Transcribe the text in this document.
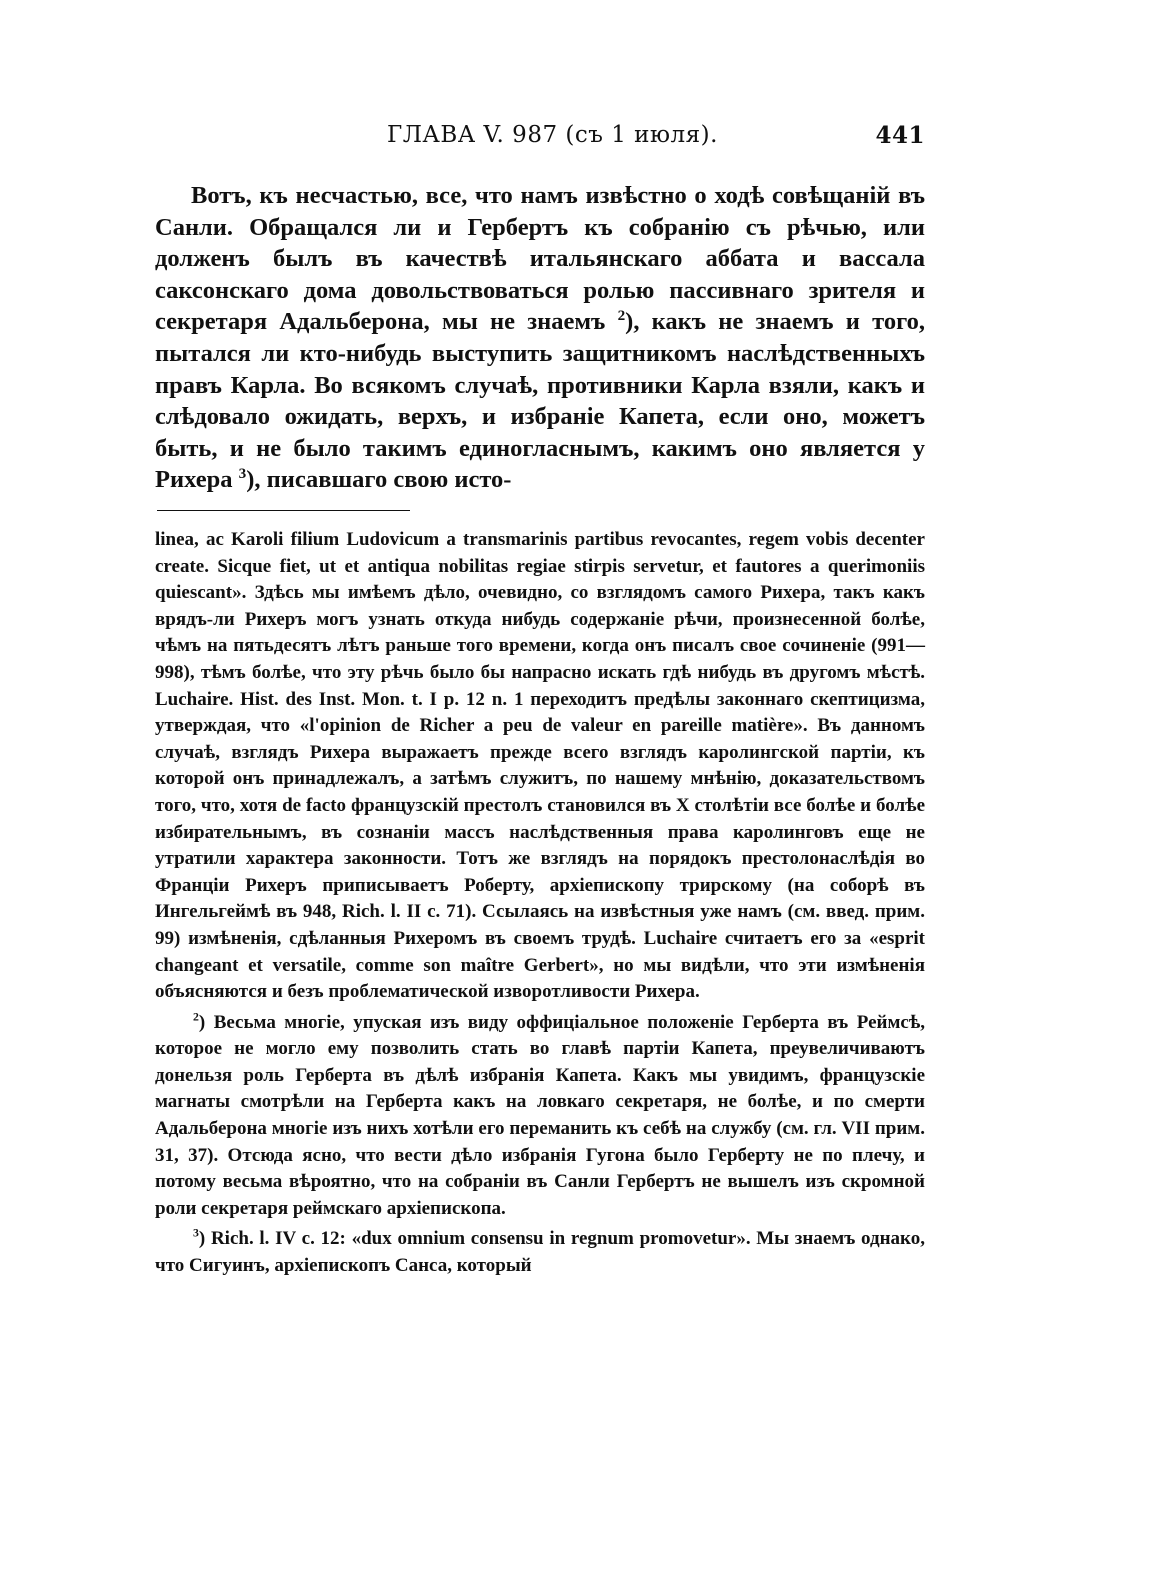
ГЛАВА V. 987 (съ 1 июля).	441

Вотъ, къ несчастью, все, что намъ извѣстно о ходѣ совѣщаній въ Санли. Обращался ли и Гербертъ къ собранію съ рѣчью, или долженъ былъ въ качествѣ итальянскаго аббата и вассала саксонскаго дома довольствоваться ролью пассивнаго зрителя и секретаря Адальберона, мы не знаемъ $^2$), какъ не знаемъ и того, пытался ли кто-нибудь выступить защитникомъ наслѣдственныхъ правъ Карла. Во всякомъ случаѣ, противники Карла взяли, какъ и слѣдовало ожидать, верхъ, и избраніе Капета, если оно, можетъ быть, и не было такимъ единогласнымъ, какимъ оно является у Рихера $^3$), писавшаго свою исто-

linea, ac Karoli filium Ludovicum a transmarinis partibus revocantes, regem vobis decenter create. Sicque fiet, ut et antiqua nobilitas regiae stirpis servetur, et fautores a querimoniis quiescant». Здѣсь мы имѣемъ дѣло, очевидно, со взглядомъ самого Рихера, такъ какъ врядъ-ли Рихеръ могъ узнать откуда нибудь содержаніе рѣчи, произнесенной болѣе, чѣмъ на пятьдесятъ лѣтъ раньше того времени, когда онъ писалъ свое сочиненіе (991—998), тѣмъ болѣе, что эту рѣчь было бы напрасно искать гдѣ нибудь въ другомъ мѣстѣ. Luchaire. Hist. des Inst. Mon. t. I p. 12 n. 1 переходитъ предѣлы законнаго скептицизма, утверждая, что «l'opinion de Richer a peu de valeur en pareille matière». Въ данномъ случаѣ, взглядъ Рихера выражаетъ прежде всего взглядъ каролингской партіи, къ которой онъ принадлежалъ, а затѣмъ служитъ, по нашему мнѣнію, доказательствомъ того, что, хотя de facto французскій престолъ становился въ X столѣтіи все болѣе и болѣе избирательнымъ, въ сознаніи массъ наслѣдственныя права каролинговъ еще не утратили характера законности. Тотъ же взглядъ на порядокъ престолонаслѣдія во Франціи Рихеръ приписываетъ Роберту, архіепископу трирскому (на соборѣ въ Ингельгеймѣ въ 948, Rich. l. II c. 71). Ссылаясь на извѣстныя уже намъ (см. введ. прим. 99) измѣненія, сдѣланныя Рихеромъ въ своемъ трудѣ. Luchaire считаетъ его за «esprit changeant et versatile, comme son maître Gerbert», но мы видѣли, что эти измѣненія объясняются и безъ проблематической изворотливости Рихера.

$^2$) Весьма многіе, упуская изъ виду оффиціальное положеніе Герберта въ Реймсѣ, которое не могло ему позволить стать во главѣ партіи Капета, преувеличиваютъ донельзя роль Герберта въ дѣлѣ избранія Капета. Какъ мы увидимъ, французскіе магнаты смотрѣли на Герберта какъ на ловкаго секретаря, не болѣе, и по смерти Адальберона многіе изъ нихъ хотѣли его переманить къ себѣ на службу (см. гл. VII прим. 31, 37). Отсюда ясно, что вести дѣло избранія Гугона было Герберту не по плечу, и потому весьма вѣроятно, что на собраніи въ Санли Гербертъ не вышелъ изъ скромной роли секретаря реймскаго архіепископа.

$^3$) Rich. l. IV c. 12: «dux omnium consensu in regnum promovetur». Мы знаемъ однако, что Сигуинъ, архіепископъ Санса, который
